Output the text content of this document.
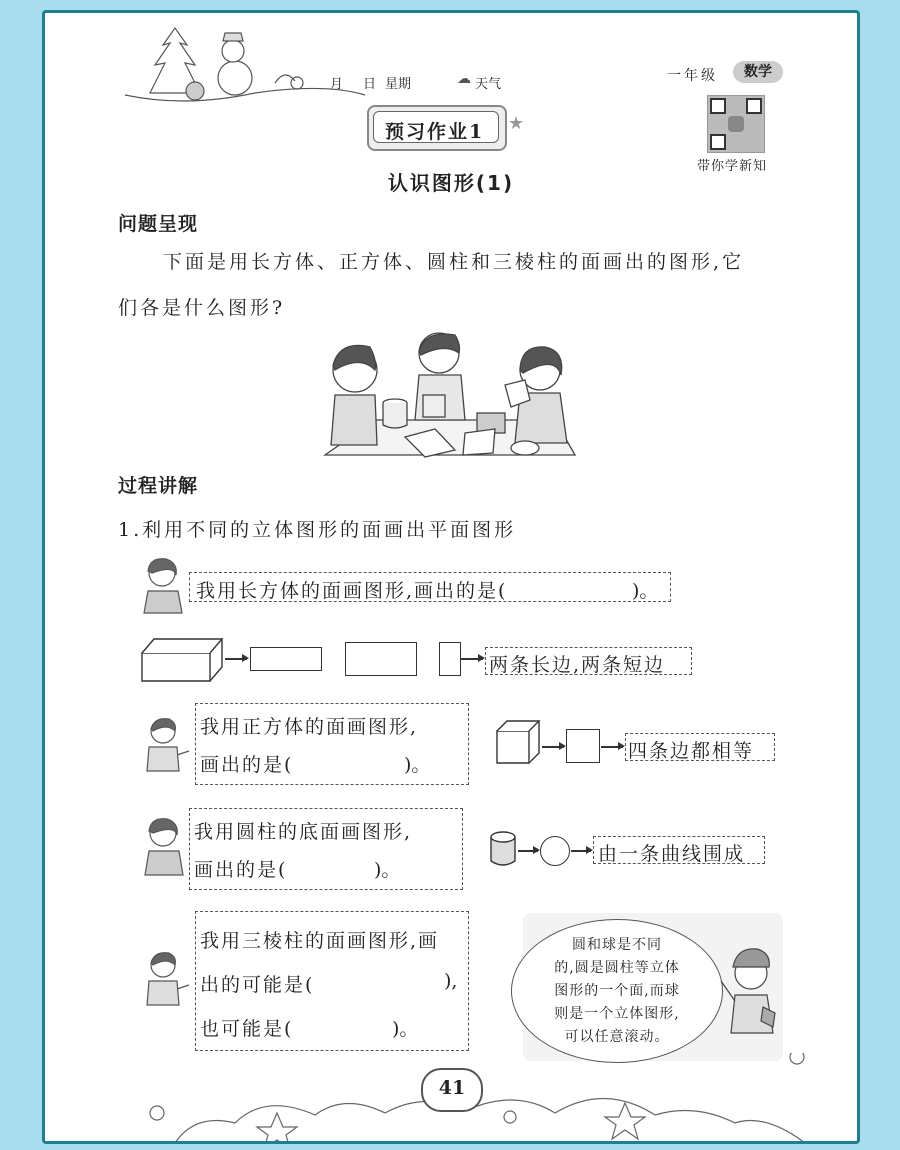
月 日 星期	☁ 天气
一年级	数学
带你学新知
预习作业1 ★
认识图形(1)
问题呈现
下面是用长方体、正方体、圆柱和三棱柱的面画出的图形,它
们各是什么图形?
过程讲解
1.利用不同的立体图形的面画出平面图形
我用长方体的面画图形,画出的是(	)。
两条长边,两条短边
我用正方体的面画图形,
画出的是(	)。
四条边都相等
我用圆柱的底面画图形,
画出的是(	)。
由一条曲线围成
我用三棱柱的面画图形,画
出的可能是(	),
也可能是(	)。
圆和球是不同
的,圆是圆柱等立体
图形的一个面,而球
则是一个立体图形,
可以任意滚动。
41
